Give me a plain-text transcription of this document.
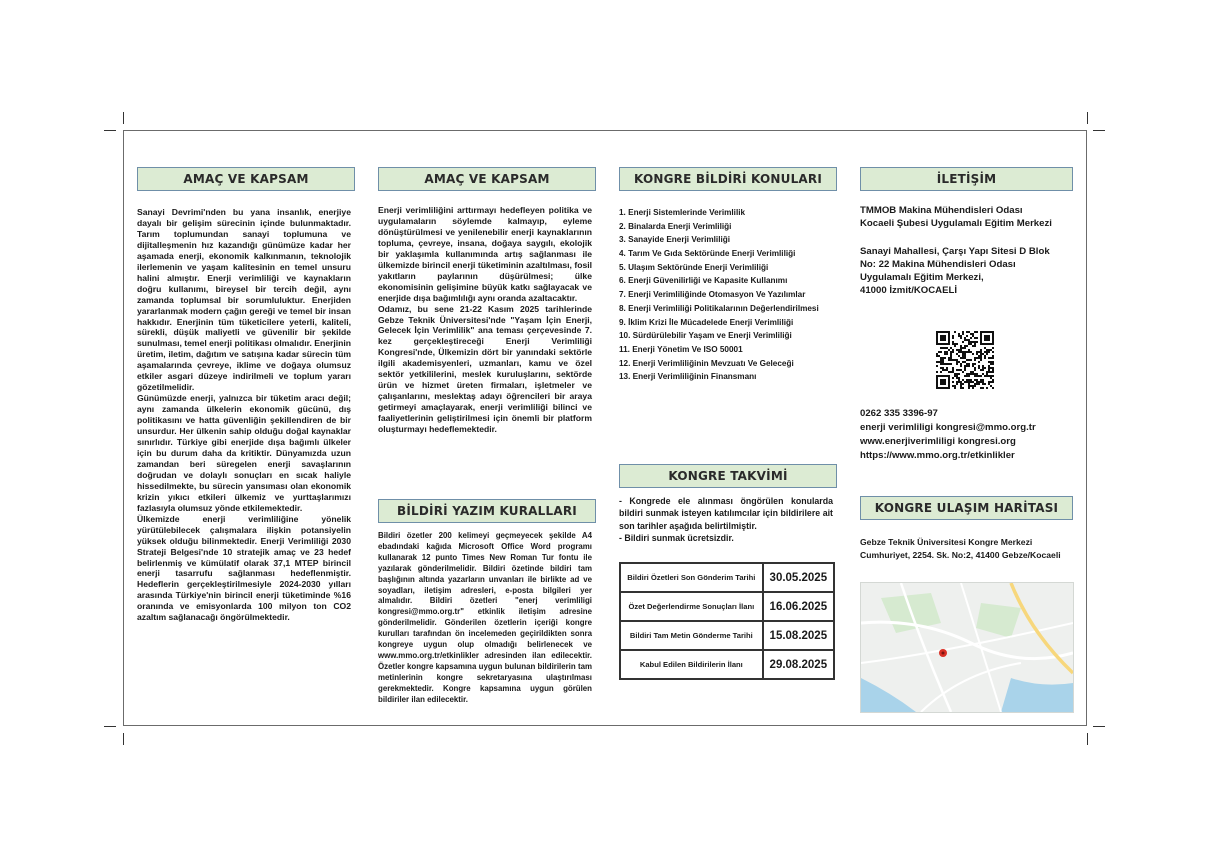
AMAÇ VE KAPSAM

Sanayi Devrimi'nden bu yana insanlık, enerjiye dayalı bir gelişim sürecinin içinde bulunmaktadır. Tarım toplumundan sanayi toplumuna ve dijitalleşmenin hız kazandığı günümüze kadar her aşamada enerji, ekonomik kalkınmanın, teknolojik ilerlemenin ve yaşam kalitesinin en temel unsuru halini almıştır. Enerji verimliliği ve kaynakların doğru kullanımı, bireysel bir tercih değil, aynı zamanda toplumsal bir sorumluluktur. Enerjiden yararlanmak modern çağın gereği ve temel bir insan hakkıdır. Enerjinin tüm tüketicilere yeterli, kaliteli, sürekli, düşük maliyetli ve güvenilir bir şekilde sunulması, temel enerji politikası olmalıdır. Enerjinin üretim, iletim, dağıtım ve satışına kadar sürecin tüm aşamalarında çevreye, iklime ve doğaya olumsuz etkiler asgari düzeye indirilmeli ve toplum yararı gözetilmelidir.

Günümüzde enerji, yalnızca bir tüketim aracı değil; aynı zamanda ülkelerin ekonomik gücünü, dış politikasını ve hatta güvenliğin şekillendiren de bir unsurdur. Her ülkenin sahip olduğu doğal kaynaklar sınırlıdır. Türkiye gibi enerjide dışa bağımlı ülkeler için bu durum daha da kritiktir. Dünyamızda uzun zamandan beri süregelen enerji savaşlarının doğrudan ve dolaylı sonuçları en sıcak haliyle hissedilmekte, bu sürecin yansıması olan ekonomik krizin yıkıcı etkileri ülkemiz ve yurttaşlarımızı fazlasıyla olumsuz yönde etkilemektedir.

Ülkemizde enerji verimliliğine yönelik yürütülebilecek çalışmalara ilişkin potansiyelin yüksek olduğu bilinmektedir. Enerji Verimliliği 2030 Strateji Belgesi'nde 10 stratejik amaç ve 23 hedef belirlenmiş ve kümülatif olarak 37,1 MTEP birincil enerji tasarrufu sağlanması hedeflenmiştir. Hedeflerin gerçekleştirilmesiyle 2024-2030 yılları arasında Türkiye'nin birincil enerji tüketiminde %16 oranında ve emisyonlarda 100 milyon ton CO2 azaltım sağlanacağı öngörülmektedir.

AMAÇ VE KAPSAM

Enerji verimliliğini arttırmayı hedefleyen politika ve uygulamaların söylemde kalmayıp, eyleme dönüştürülmesi ve yenilenebilir enerji kaynaklarının topluma, çevreye, insana, doğaya saygılı, ekolojik bir yaklaşımla kullanımında artış sağlanması ile ülkemizde birincil enerji tüketiminin azaltılması, fosil yakıtların paylarının düşürülmesi; ülke ekonomisinin gelişimine büyük katkı sağlayacak ve enerjide dışa bağımlılığı aynı oranda azaltacaktır.

Odamız, bu sene 21-22 Kasım 2025 tarihlerinde Gebze Teknik Üniversitesi'nde "Yaşam İçin Enerji, Gelecek İçin Verimlilik" ana teması çerçevesinde 7. kez gerçekleştireceği Enerji Verimliliği Kongresi'nde, Ülkemizin dört bir yanındaki sektörle ilgili akademisyenleri, uzmanları, kamu ve özel sektör yetkililerini, meslek kuruluşlarını, sektörde ürün ve hizmet üreten firmaları, işletmeler ve çalışanlarını, meslektaş adayı öğrencileri bir araya getirmeyi amaçlayarak, enerji verimliliği bilinci ve faaliyetlerinin geliştirilmesi için önemli bir platform oluşturmayı hedeflemektedir.

BİLDİRİ YAZIM KURALLARI

Bildiri özetler 200 kelimeyi geçmeyecek şekilde A4 ebadındaki kağıda Microsoft Office Word programı kullanarak 12 punto Times New Roman Tur fontu ile yazılarak gönderilmelidir. Bildiri özetinde bildiri tam başlığının altında yazarların unvanları ile birlikte ad ve soyadları, iletişim adresleri, e-posta bilgileri yer almalıdır. Bildiri özetleri "enerj verimliligi kongresi@mmo.org.tr" etkinlik iletişim adresine gönderilmelidir. Gönderilen özetlerin içeriği kongre kurulları tarafından ön incelemeden geçirildikten sonra kongreye uygun olup olmadığı belirlenecek ve www.mmo.org.tr/etkinlikler adresinden ilan edilecektir. Özetler kongre kapsamına uygun bulunan bildirilerin tam metinlerinin kongre sekretaryasına ulaştırılması gerekmektedir. Kongre kapsamına uygun görülen bildiriler ilan edilecektir.

KONGRE BİLDİRİ KONULARI
1. Enerji Sistemlerinde Verimlilik
2. Binalarda Enerji Verimliliği
3. Sanayide Enerji Verimliliği
4. Tarım Ve Gıda Sektöründe Enerji Verimliliği
5. Ulaşım Sektöründe Enerji Verimliliği
6. Enerji Güvenilirliği ve Kapasite Kullanımı
7. Enerji Verimliliğinde Otomasyon Ve Yazılımlar
8. Enerji Verimliliği Politikalarının Değerlendirilmesi
9. İklim Krizi İle Mücadelede Enerji Verimliliği
10. Sürdürülebilir Yaşam ve Enerji Verimliliği
11. Enerji Yönetim Ve ISO 50001
12. Enerji Verimliliğinin Mevzuatı Ve Geleceği
13. Enerji Verimliliğinin Finansmanı
KONGRE TAKVİMİ

- Kongrede ele alınması öngörülen konularda bildiri sunmak isteyen katılımcılar için bildirilere ait son tarihler aşağıda belirtilmiştir.

- Bildiri sunmak ücretsizdir.

Bildiri Özetleri Son Gönderim Tarihi	30.05.2025
Özet Değerlendirme Sonuçları İlanı	16.06.2025
Bildiri Tam Metin Gönderme Tarihi	15.08.2025
Kabul Edilen Bildirilerin İlanı	29.08.2025
İLETİŞİM
TMMOB Makina Mühendisleri Odası
Kocaeli Şubesi Uygulamalı Eğitim Merkezi
Sanayi Mahallesi, Çarşı Yapı Sitesi D Blok
No: 22 Makina Mühendisleri Odası
Uygulamalı Eğitim Merkezi,
41000 İzmit/KOCAELİ
0262 335 3396-97
enerji verimliligi kongresi@mmo.org.tr
www.enerjiverimliligi kongresi.org
https://www.mmo.org.tr/etkinlikler
KONGRE ULAŞIM HARİTASI
Gebze Teknik Üniversitesi Kongre Merkezi
Cumhuriyet, 2254. Sk. No:2, 41400 Gebze/Kocaeli
